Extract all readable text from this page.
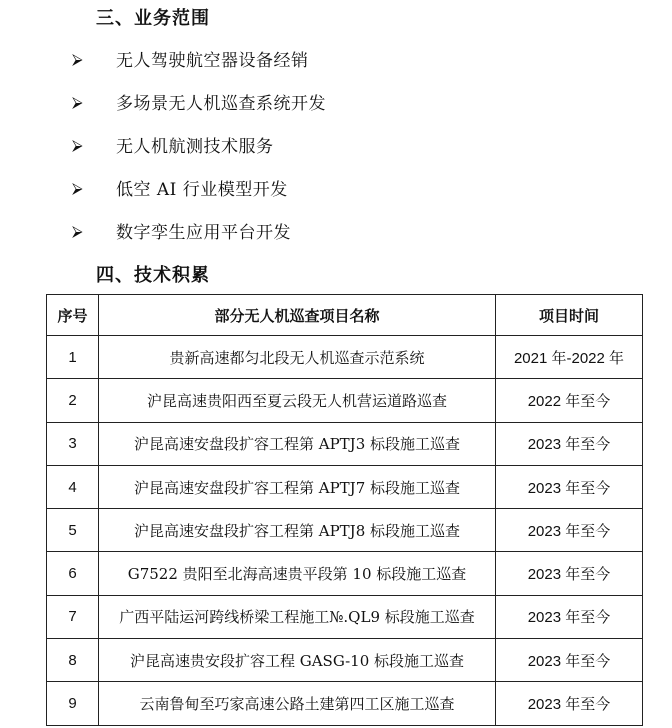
三、业务范围
⮚	无人驾驶航空器设备经销
⮚	多场景无人机巡查系统开发
⮚	无人机航测技术服务
⮚	低空 AI 行业模型开发
⮚	数字孪生应用平台开发
四、技术积累
序号	部分无人机巡查项目名称	项目时间
1	贵新高速都匀北段无人机巡查示范系统	2021 年-2022 年
2	沪昆高速贵阳西至夏云段无人机营运道路巡查	2022 年至今
3	沪昆高速安盘段扩容工程第 APTJ3 标段施工巡查	2023 年至今
4	沪昆高速安盘段扩容工程第 APTJ7 标段施工巡查	2023 年至今
5	沪昆高速安盘段扩容工程第 APTJ8 标段施工巡查	2023 年至今
6	G7522 贵阳至北海高速贵平段第 10 标段施工巡查	2023 年至今
7	广西平陆运河跨线桥梁工程施工№.QL9 标段施工巡查	2023 年至今
8	沪昆高速贵安段扩容工程 GASG-10 标段施工巡查	2023 年至今
9	云南鲁甸至巧家高速公路土建第四工区施工巡查	2023 年至今
